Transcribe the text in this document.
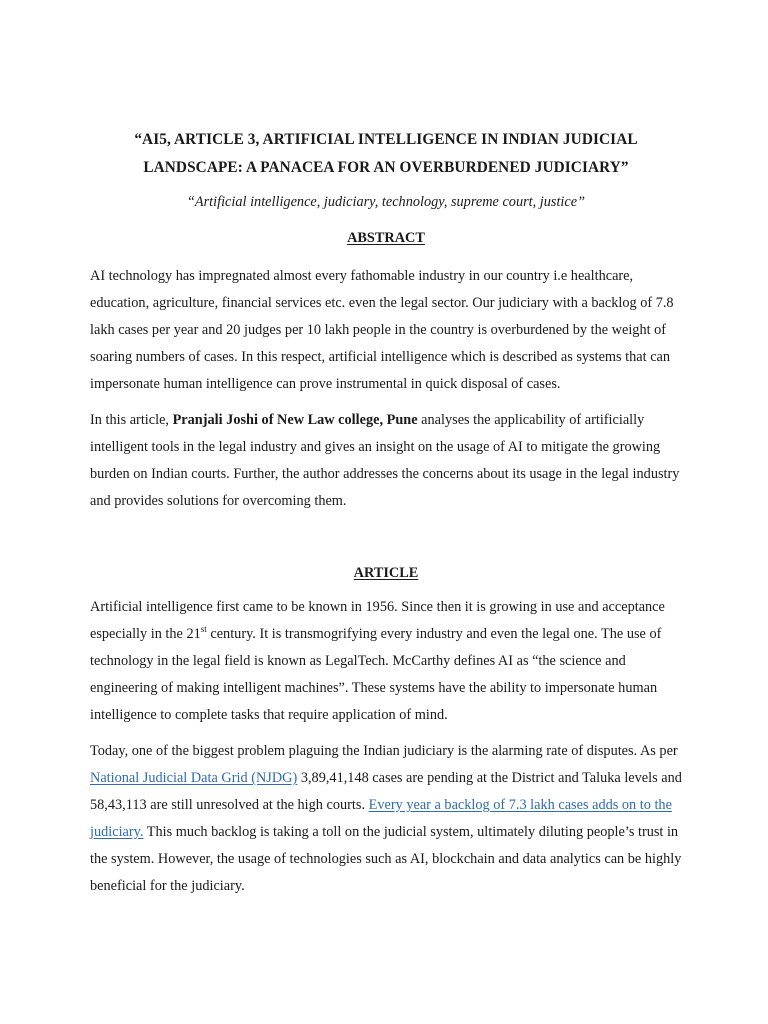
“AI5, ARTICLE 3, ARTIFICIAL INTELLIGENCE IN INDIAN JUDICIAL
LANDSCAPE: A PANACEA FOR AN OVERBURDENED JUDICIARY”

“Artificial intelligence, judiciary, technology, supreme court, justice”

ABSTRACT

AI technology has impregnated almost every fathomable industry in our country i.e healthcare, education, agriculture, financial services etc. even the legal sector. Our judiciary with a backlog of 7.8 lakh cases per year and 20 judges per 10 lakh people in the country is overburdened by the weight of soaring numbers of cases. In this respect, artificial intelligence which is described as systems that can impersonate human intelligence can prove instrumental in quick disposal of cases.

In this article, Pranjali Joshi of New Law college, Pune analyses the applicability of artificially intelligent tools in the legal industry and gives an insight on the usage of AI to mitigate the growing burden on Indian courts. Further, the author addresses the concerns about its usage in the legal industry and provides solutions for overcoming them.

ARTICLE

Artificial intelligence first came to be known in 1956. Since then it is growing in use and acceptance especially in the 21st century. It is transmogrifying every industry and even the legal one. The use of technology in the legal field is known as LegalTech. McCarthy defines AI as “the science and engineering of making intelligent machines”. These systems have the ability to impersonate human intelligence to complete tasks that require application of mind.

Today, one of the biggest problem plaguing the Indian judiciary is the alarming rate of disputes. As per National Judicial Data Grid (NJDG) 3,89,41,148 cases are pending at the District and Taluka levels and 58,43,113 are still unresolved at the high courts. Every year a backlog of 7.3 lakh cases adds on to the judiciary. This much backlog is taking a toll on the judicial system, ultimately diluting people’s trust in the system. However, the usage of technologies such as AI, blockchain and data analytics can be highly beneficial for the judiciary.
